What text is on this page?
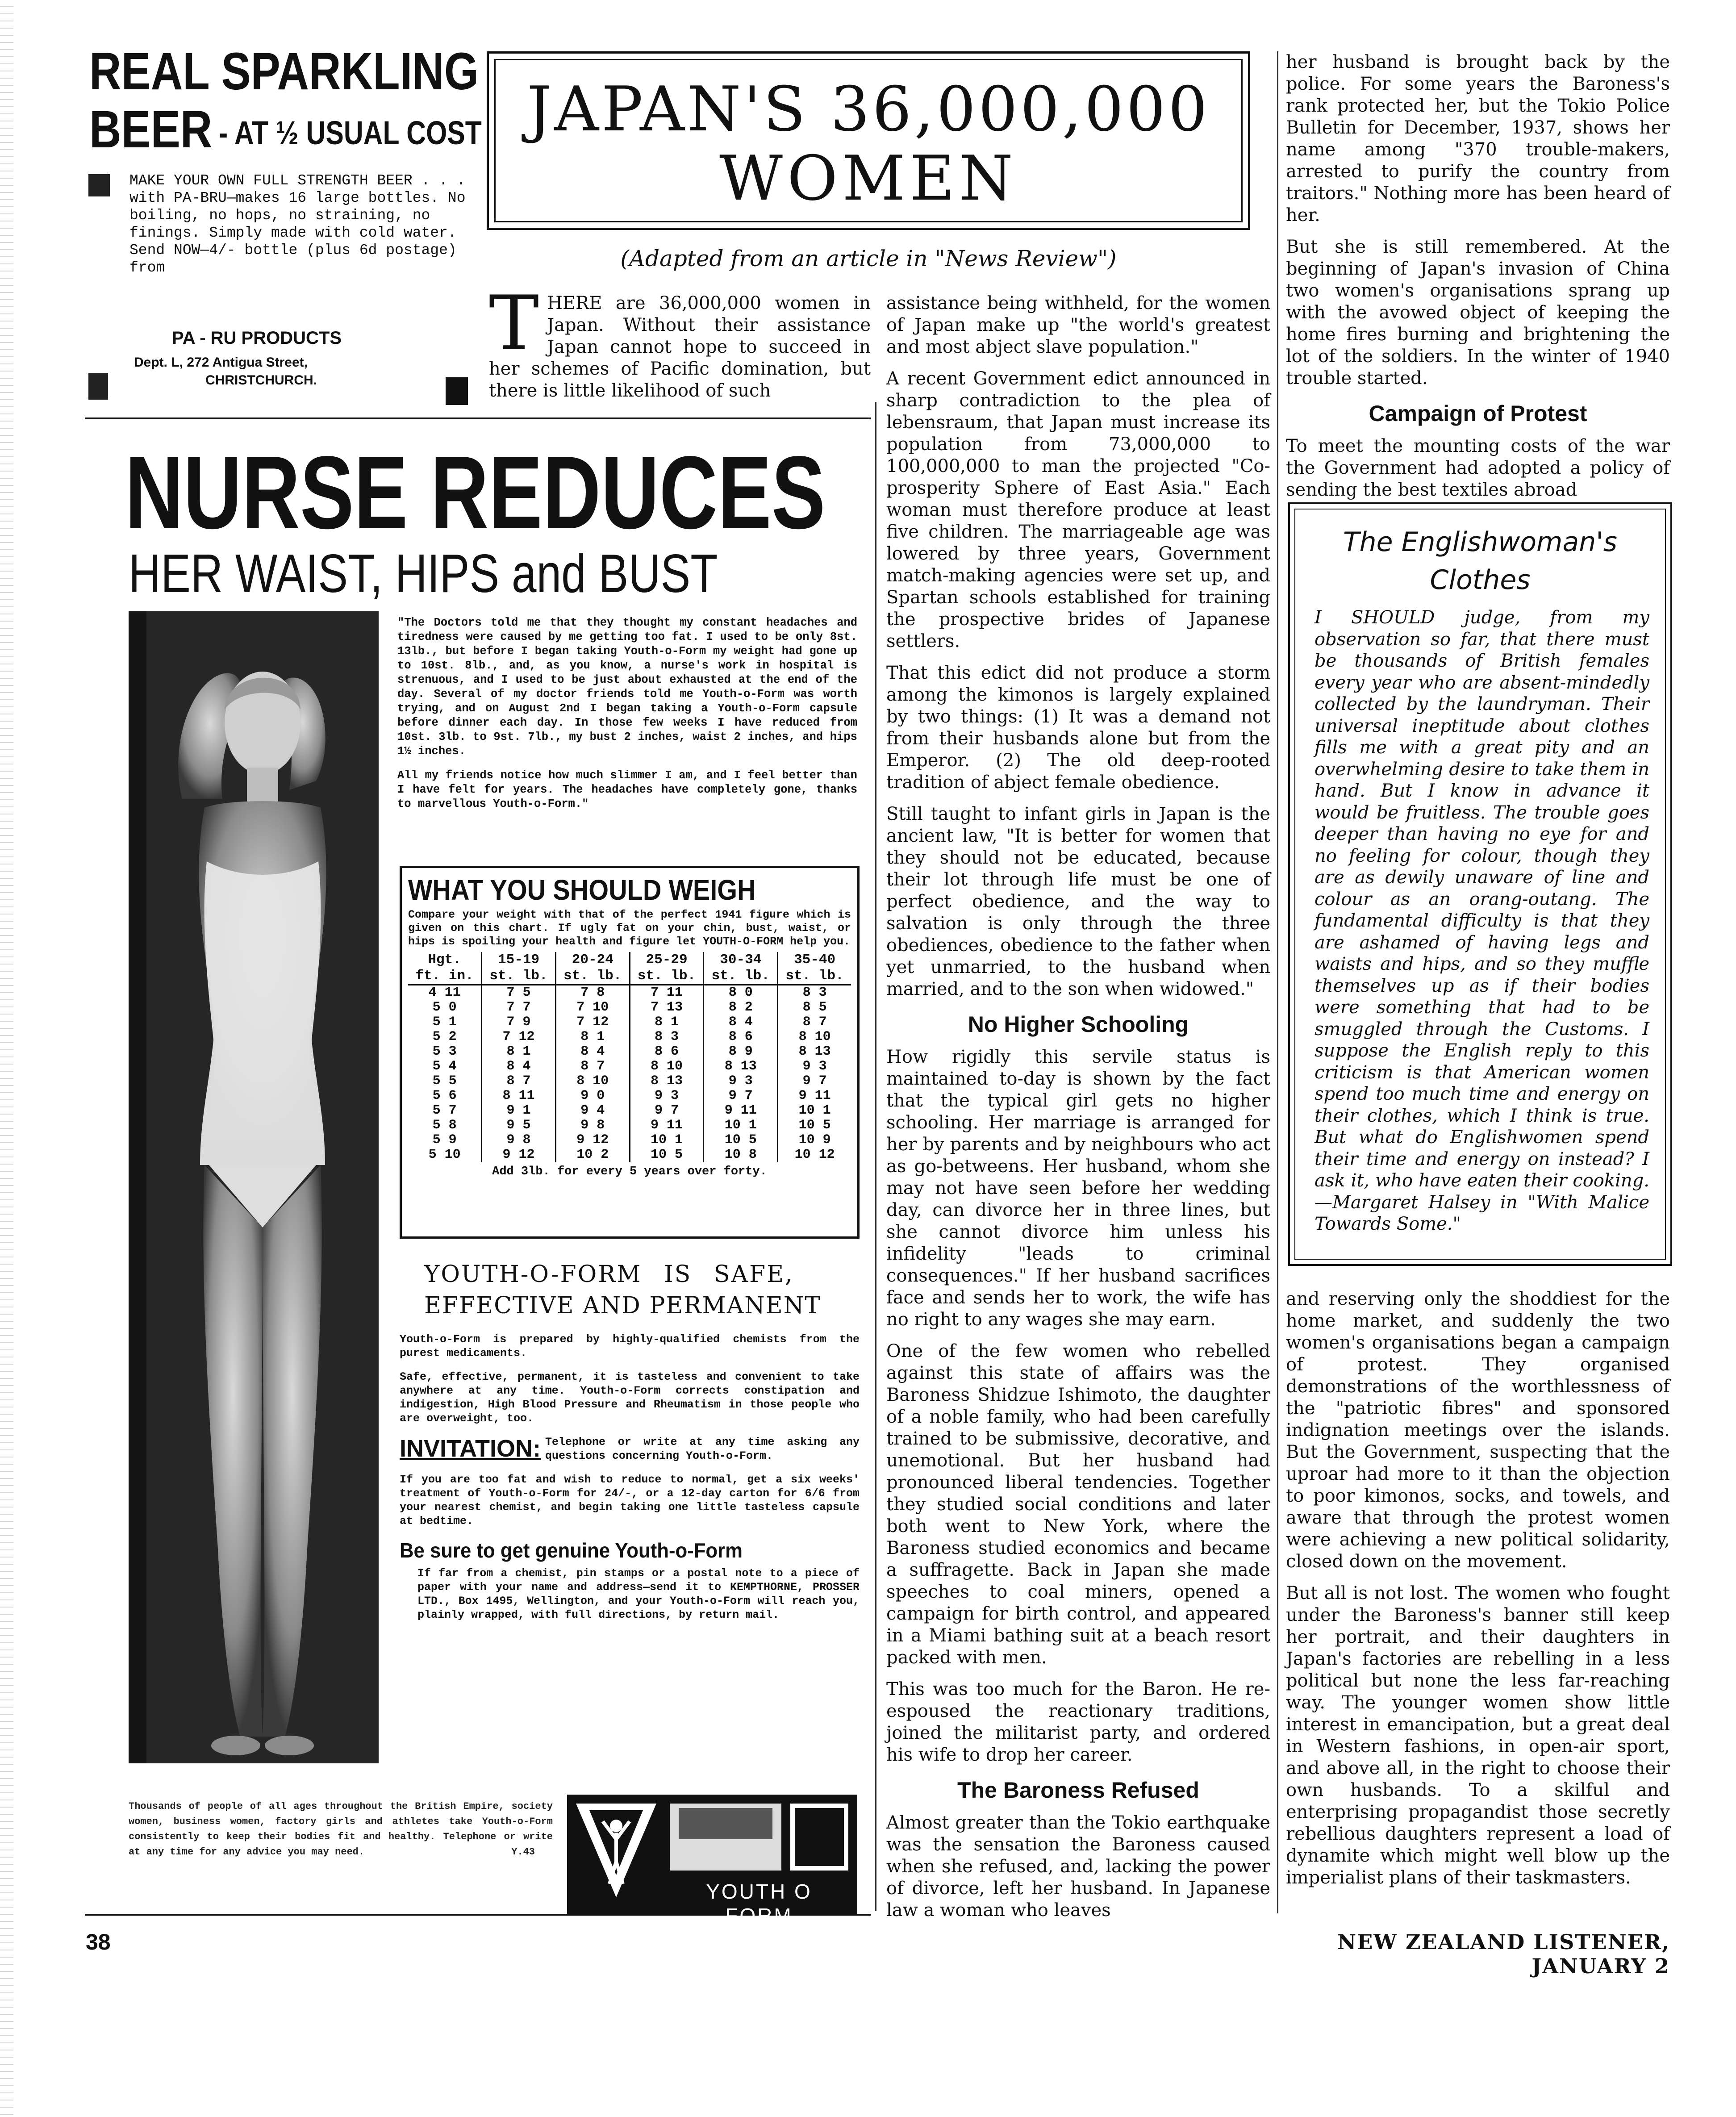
REAL SPARKLING
BEER - AT ½ USUAL COST
MAKE YOUR OWN FULL STRENGTH BEER . . . with PA-BRU—makes 16 large bottles. No boiling, no hops, no straining, no finings. Simply made with cold water. Send NOW—4/- bottle (plus 6d postage) from
PA - RU PRODUCTS
Dept. L, 272 Antigua Street,
CHRISTCHURCH.
JAPAN'S 36,000,000
WOMEN
(Adapted from an article in "News Review")
T HERE are 36,000,000 women in Japan. Without their assistance Japan cannot hope to succeed in her schemes of Pacific domination, but there is little likelihood of such

assistance being withheld, for the women of Japan make up "the world's greatest and most abject slave population."

A recent Government edict announced in sharp contradiction to the plea of lebensraum, that Japan must increase its population from 73,000,000 to 100,000,000 to man the projected "Co-prosperity Sphere of East Asia." Each woman must therefore produce at least five children. The marriageable age was lowered by three years, Government match-making agencies were set up, and Spartan schools established for training the prospective brides of Japanese settlers.

That this edict did not produce a storm among the kimonos is largely explained by two things: (1) It was a demand not from their husbands alone but from the Emperor. (2) The old deep-rooted tradition of abject female obedience.

Still taught to infant girls in Japan is the ancient law, "It is better for women that they should not be educated, because their lot through life must be one of perfect obedience, and the way to salvation is only through the three obediences, obedience to the father when yet unmarried, to the husband when married, and to the son when widowed."

No Higher Schooling

How rigidly this servile status is maintained to-day is shown by the fact that the typical girl gets no higher schooling. Her marriage is arranged for her by parents and by neighbours who act as go-betweens. Her husband, whom she may not have seen before her wedding day, can divorce her in three lines, but she cannot divorce him unless his infidelity "leads to criminal consequences." If her husband sacrifices face and sends her to work, the wife has no right to any wages she may earn.

One of the few women who rebelled against this state of affairs was the Baroness Shidzue Ishimoto, the daughter of a noble family, who had been carefully trained to be submissive, decorative, and unemotional. But her husband had pronounced liberal tendencies. Together they studied social conditions and later both went to New York, where the Baroness studied economics and became a suffragette. Back in Japan she made speeches to coal miners, opened a campaign for birth control, and appeared in a Miami bathing suit at a beach resort packed with men.

This was too much for the Baron. He re-espoused the reactionary traditions, joined the militarist party, and ordered his wife to drop her career.

The Baroness Refused

Almost greater than the Tokio earthquake was the sensation the Baroness caused when she refused, and, lacking the power of divorce, left her husband. In Japanese law a woman who leaves

her husband is brought back by the police. For some years the Baroness's rank protected her, but the Tokio Police Bulletin for December, 1937, shows her name among "370 trouble-makers, arrested to purify the country from traitors." Nothing more has been heard of her.

But she is still remembered. At the beginning of Japan's invasion of China two women's organisations sprang up with the avowed object of keeping the home fires burning and brightening the lot of the soldiers. In the winter of 1940 trouble started.

Campaign of Protest

To meet the mounting costs of the war the Government had adopted a policy of sending the best textiles abroad

The Englishwoman's
Clothes
I SHOULD judge, from my observation so far, that there must be thousands of British females every year who are absent-mindedly collected by the laundryman. Their universal ineptitude about clothes fills me with a great pity and an overwhelming desire to take them in hand. But I know in advance it would be fruitless. The trouble goes deeper than having no eye for and no feeling for colour, though they are as dewily unaware of line and colour as an orang-outang. The fundamental difficulty is that they are ashamed of having legs and waists and hips, and so they muffle themselves up as if their bodies were something that had to be smuggled through the Customs. I suppose the English reply to this criticism is that American women spend too much time and energy on their clothes, which I think is true. But what do Englishwomen spend their time and energy on instead? I ask it, who have eaten their cooking.—Margaret Halsey in "With Malice Towards Some."

and reserving only the shoddiest for the home market, and suddenly the two women's organisations began a campaign of protest. They organised demonstrations of the worthlessness of the "patriotic fibres" and sponsored indignation meetings over the islands. But the Government, suspecting that the uproar had more to it than the objection to poor kimonos, socks, and towels, and aware that through the protest women were achieving a new political solidarity, closed down on the movement.

But all is not lost. The women who fought under the Baroness's banner still keep her portrait, and their daughters in Japan's factories are rebelling in a less political but none the less far-reaching way. The younger women show little interest in emancipation, but a great deal in Western fashions, in open-air sport, and above all, in the right to choose their own husbands. To a skilful and enterprising propagandist those secretly rebellious daughters represent a load of dynamite which might well blow up the imperialist plans of their taskmasters.

NURSE REDUCES
HER WAIST, HIPS and BUST

"The Doctors told me that they thought my constant headaches and tiredness were caused by me getting too fat. I used to be only 8st. 13lb., but before I began taking Youth-o-Form my weight had gone up to 10st. 8lb., and, as you know, a nurse's work in hospital is strenuous, and I used to be just about exhausted at the end of the day. Several of my doctor friends told me Youth-o-Form was worth trying, and on August 2nd I began taking a Youth-o-Form capsule before dinner each day. In those few weeks I have reduced from 10st. 3lb. to 9st. 7lb., my bust 2 inches, waist 2 inches, and hips 1½ inches.

All my friends notice how much slimmer I am, and I feel better than I have felt for years. The headaches have completely gone, thanks to marvellous Youth-o-Form."

WHAT YOU SHOULD WEIGH
Compare your weight with that of the perfect 1941 figure which is given on this chart. If ugly fat on your chin, bust, waist, or hips is spoiling your health and figure let YOUTH-O-FORM help you.
Hgt. ft. in.	15-19 st. lb.	20-24 st. lb.	25-29 st. lb.	30-34 st. lb.	35-40 st. lb.
4 11	7 5	7 8	7 11	8 0	8 3
5 0	7 7	7 10	7 13	8 2	8 5
5 1	7 9	7 12	8 1	8 4	8 7
5 2	7 12	8 1	8 3	8 6	8 10
5 3	8 1	8 4	8 6	8 9	8 13
5 4	8 4	8 7	8 10	8 13	9 3
5 5	8 7	8 10	8 13	9 3	9 7
5 6	8 11	9 0	9 3	9 7	9 11
5 7	9 1	9 4	9 7	9 11	10 1
5 8	9 5	9 8	9 11	10 1	10 5
5 9	9 8	9 12	10 1	10 5	10 9
5 10	9 12	10 2	10 5	10 8	10 12
Add 3lb. for every 5 years over forty.
YOUTH-O-FORM IS SAFE,
EFFECTIVE AND PERMANENT

Youth-o-Form is prepared by highly-qualified chemists from the purest medicaments.

Safe, effective, permanent, it is tasteless and convenient to take anywhere at any time. Youth-o-Form corrects constipation and indigestion, High Blood Pressure and Rheumatism in those people who are overweight, too.

INVITATION: Telephone or write at any time asking any questions concerning Youth-o-Form.

If you are too fat and wish to reduce to normal, get a six weeks' treatment of Youth-o-Form for 24/-, or a 12-day carton for 6/6 from your nearest chemist, and begin taking one little tasteless capsule at bedtime.

Be sure to get genuine Youth-o-Form

If far from a chemist, pin stamps or a postal note to a piece of paper with your name and address—send it to KEMPTHORNE, PROSSER LTD., Box 1495, Wellington, and your Youth-o-Form will reach you, plainly wrapped, with full directions, by return mail.

Thousands of people of all ages throughout the British Empire, society women, business women, factory girls and athletes take Youth-o-Form consistently to keep their bodies fit and healthy. Telephone or write at any time for any advice you may need.	Y.43
YOUTH O FORM
38	NEW ZEALAND LISTENER, JANUARY 2
